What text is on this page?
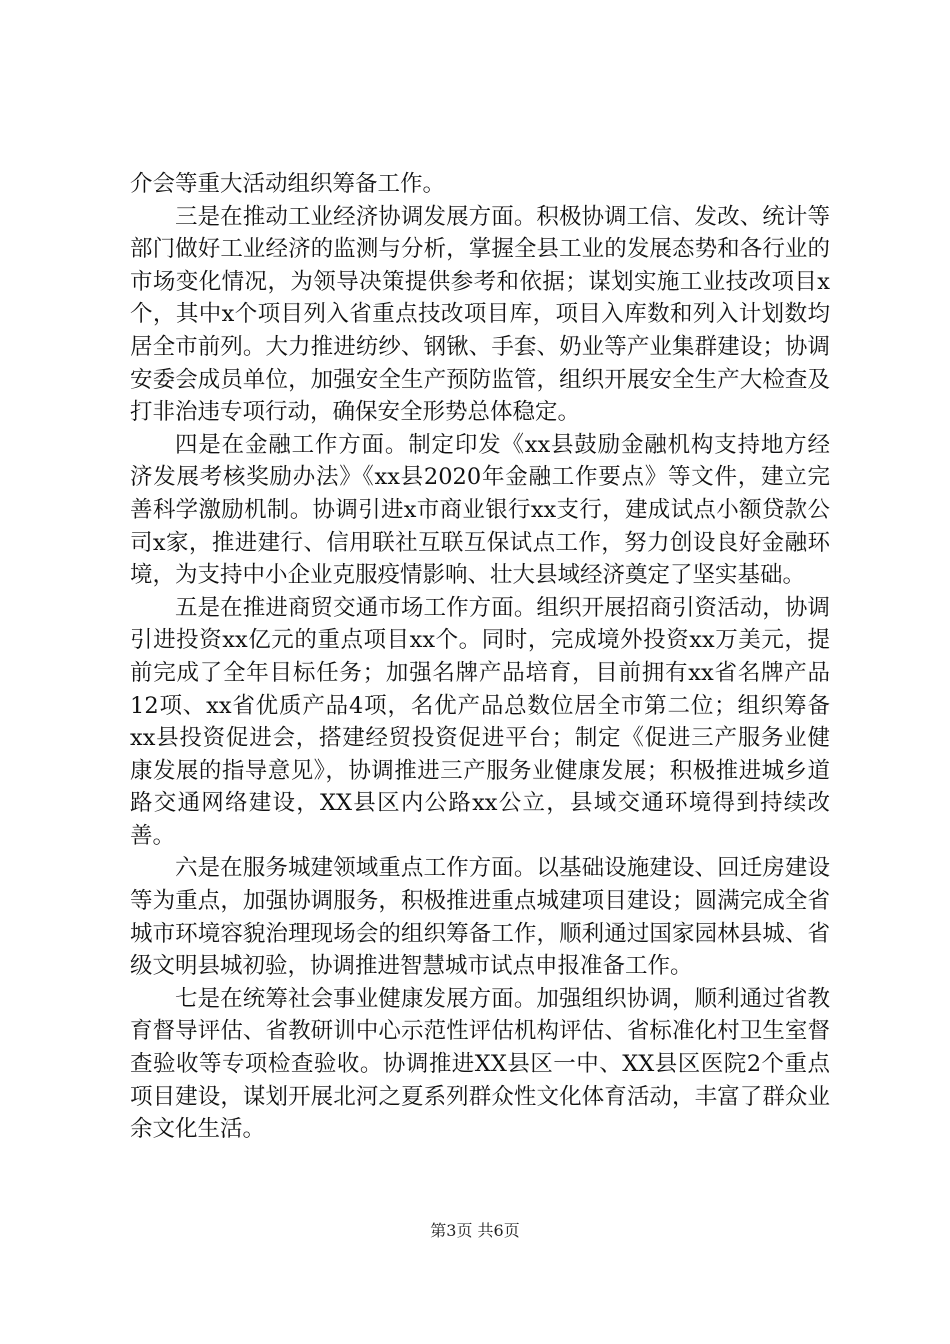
介会等重大活动组织筹备工作。

三是在推动工业经济协调发展方面。积极协调工信、发改、统计等部门做好工业经济的监测与分析，掌握全县工业的发展态势和各行业的市场变化情况，为领导决策提供参考和依据；谋划实施工业技改项目x个，其中x个项目列入省重点技改项目库，项目入库数和列入计划数均居全市前列。大力推进纺纱、钢锹、手套、奶业等产业集群建设；协调安委会成员单位，加强安全生产预防监管，组织开展安全生产大检查及打非治违专项行动，确保安全形势总体稳定。

四是在金融工作方面。制定印发《xx县鼓励金融机构支持地方经济发展考核奖励办法》《xx县2020年金融工作要点》等文件，建立完善科学激励机制。协调引进x市商业银行xx支行，建成试点小额贷款公司x家，推进建行、信用联社互联互保试点工作，努力创设良好金融环境，为支持中小企业克服疫情影响、壮大县域经济奠定了坚实基础。

五是在推进商贸交通市场工作方面。组织开展招商引资活动，协调引进投资xx亿元的重点项目xx个。同时，完成境外投资xx万美元，提前完成了全年目标任务；加强名牌产品培育，目前拥有xx省名牌产品12项、xx省优质产品4项，名优产品总数位居全市第二位；组织筹备xx县投资促进会，搭建经贸投资促进平台；制定《促进三产服务业健康发展的指导意见》，协调推进三产服务业健康发展；积极推进城乡道路交通网络建设，XX县区内公路xx公立，县域交通环境得到持续改善。

六是在服务城建领域重点工作方面。以基础设施建设、回迁房建设等为重点，加强协调服务，积极推进重点城建项目建设；圆满完成全省城市环境容貌治理现场会的组织筹备工作，顺利通过国家园林县城、省级文明县城初验，协调推进智慧城市试点申报准备工作。

七是在统筹社会事业健康发展方面。加强组织协调，顺利通过省教育督导评估、省教研训中心示范性评估机构评估、省标准化村卫生室督查验收等专项检查验收。协调推进XX县区一中、XX县区医院2个重点项目建设，谋划开展北河之夏系列群众性文化体育活动，丰富了群众业余文化生活。

第3页 共6页
